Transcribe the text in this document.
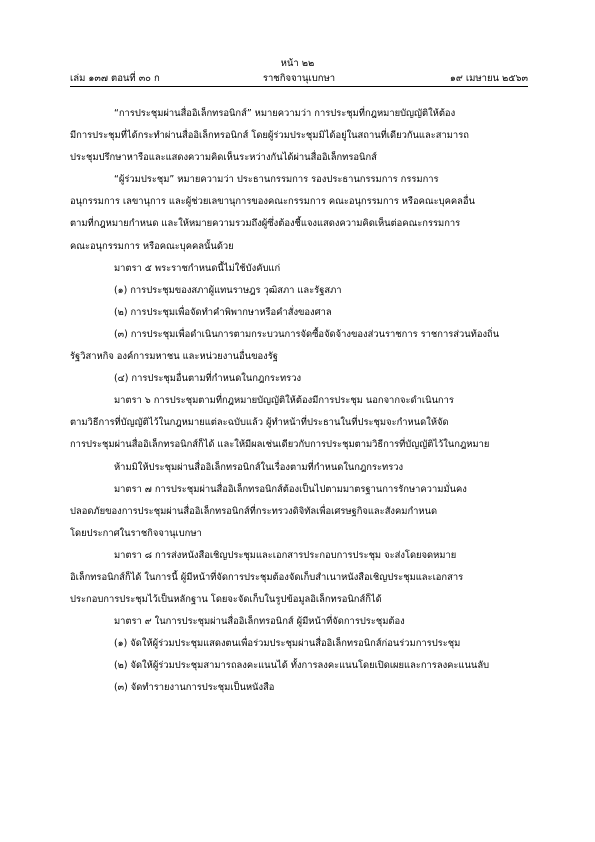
หน้า ๒๒
เล่ม ๑๓๗ ตอนที่ ๓๐ ก	ราชกิจจานุเบกษา	๑๙ เมษายน ๒๕๖๓

“การประชุมผ่านสื่ออิเล็กทรอนิกส์” หมายความว่า การประชุมที่กฎหมายบัญญัติให้ต้อง

มีการประชุมที่ได้กระทำผ่านสื่ออิเล็กทรอนิกส์ โดยผู้ร่วมประชุมมิได้อยู่ในสถานที่เดียวกันและสามารถ

ประชุมปรึกษาหารือและแสดงความคิดเห็นระหว่างกันได้ผ่านสื่ออิเล็กทรอนิกส์

“ผู้ร่วมประชุม” หมายความว่า ประธานกรรมการ รองประธานกรรมการ กรรมการ

อนุกรรมการ เลขานุการ และผู้ช่วยเลขานุการของคณะกรรมการ คณะอนุกรรมการ หรือคณะบุคคลอื่น

ตามที่กฎหมายกำหนด และให้หมายความรวมถึงผู้ซึ่งต้องชี้แจงแสดงความคิดเห็นต่อคณะกรรมการ

คณะอนุกรรมการ หรือคณะบุคคลนั้นด้วย

มาตรา ๕ พระราชกำหนดนี้ไม่ใช้บังคับแก่

(๑) การประชุมของสภาผู้แทนราษฎร วุฒิสภา และรัฐสภา

(๒) การประชุมเพื่อจัดทำคำพิพากษาหรือคำสั่งของศาล

(๓) การประชุมเพื่อดำเนินการตามกระบวนการจัดซื้อจัดจ้างของส่วนราชการ ราชการส่วนท้องถิ่น

รัฐวิสาหกิจ องค์การมหาชน และหน่วยงานอื่นของรัฐ

(๔) การประชุมอื่นตามที่กำหนดในกฎกระทรวง

มาตรา ๖ การประชุมตามที่กฎหมายบัญญัติให้ต้องมีการประชุม นอกจากจะดำเนินการ

ตามวิธีการที่บัญญัติไว้ในกฎหมายแต่ละฉบับแล้ว ผู้ทำหน้าที่ประธานในที่ประชุมจะกำหนดให้จัด

การประชุมผ่านสื่ออิเล็กทรอนิกส์ก็ได้ และให้มีผลเช่นเดียวกับการประชุมตามวิธีการที่บัญญัติไว้ในกฎหมาย

ห้ามมิให้ประชุมผ่านสื่ออิเล็กทรอนิกส์ในเรื่องตามที่กำหนดในกฎกระทรวง

มาตรา ๗ การประชุมผ่านสื่ออิเล็กทรอนิกส์ต้องเป็นไปตามมาตรฐานการรักษาความมั่นคง

ปลอดภัยของการประชุมผ่านสื่ออิเล็กทรอนิกส์ที่กระทรวงดิจิทัลเพื่อเศรษฐกิจและสังคมกำหนด

โดยประกาศในราชกิจจานุเบกษา

มาตรา ๘ การส่งหนังสือเชิญประชุมและเอกสารประกอบการประชุม จะส่งโดยจดหมาย

อิเล็กทรอนิกส์ก็ได้ ในการนี้ ผู้มีหน้าที่จัดการประชุมต้องจัดเก็บสำเนาหนังสือเชิญประชุมและเอกสาร

ประกอบการประชุมไว้เป็นหลักฐาน โดยจะจัดเก็บในรูปข้อมูลอิเล็กทรอนิกส์ก็ได้

มาตรา ๙ ในการประชุมผ่านสื่ออิเล็กทรอนิกส์ ผู้มีหน้าที่จัดการประชุมต้อง

(๑) จัดให้ผู้ร่วมประชุมแสดงตนเพื่อร่วมประชุมผ่านสื่ออิเล็กทรอนิกส์ก่อนร่วมการประชุม

(๒) จัดให้ผู้ร่วมประชุมสามารถลงคะแนนได้ ทั้งการลงคะแนนโดยเปิดเผยและการลงคะแนนลับ

(๓) จัดทำรายงานการประชุมเป็นหนังสือ
